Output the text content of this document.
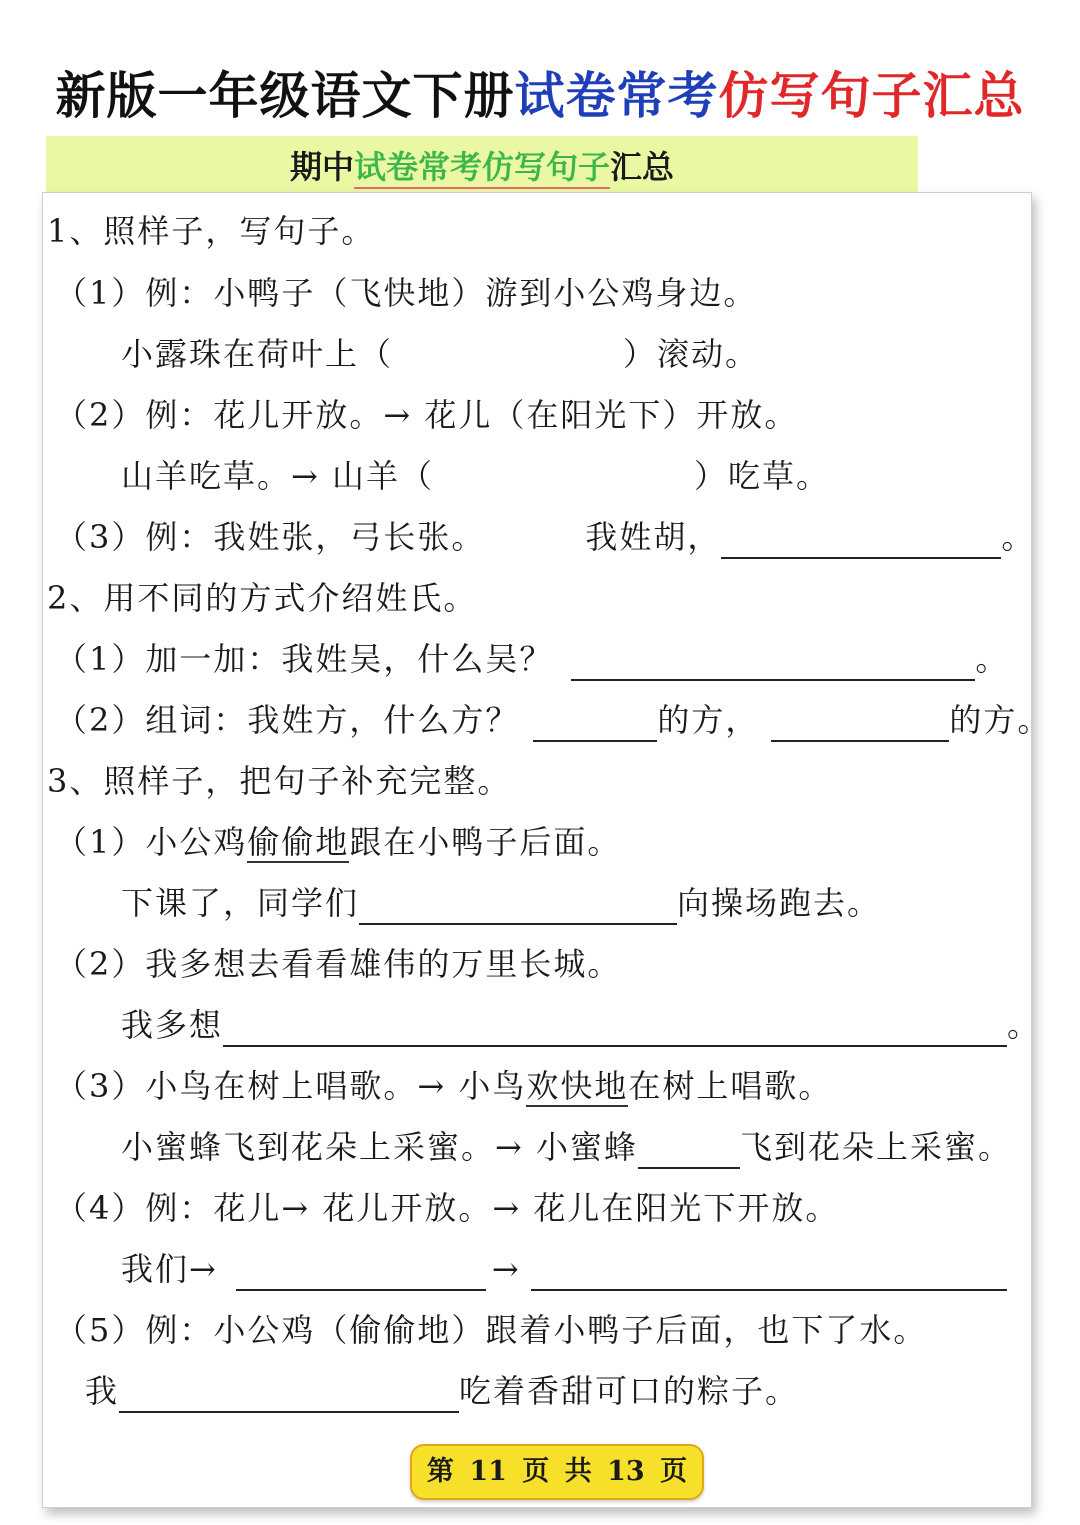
新版一年级语文下册试卷常考仿写句子汇总
期中试卷常考仿写句子汇总
1、照样子，写句子。
（1）例：小鸭子（飞快地）游到小公鸡身边。
小露珠在荷叶上（	）滚动。
（2）例：花儿开放。→ 花儿（在阳光下）开放。
山羊吃草。→ 山羊（	）吃草。
（3）例：我姓张，弓长张。	我姓胡，	。
2、用不同的方式介绍姓氏。
（1）加一加：我姓吴，什么吴？	。
（2）组词：我姓方，什么方？	的方，	的方。
3、照样子，把句子补充完整。
（1）小公鸡偷偷地跟在小鸭子后面。
下课了，同学们	向操场跑去。
（2）我多想去看看雄伟的万里长城。
我多想	。
（3）小鸟在树上唱歌。→ 小鸟欢快地在树上唱歌。
小蜜蜂飞到花朵上采蜜。→ 小蜜蜂	飞到花朵上采蜜。
（4）例：花儿→ 花儿开放。→ 花儿在阳光下开放。
我们→	→
（5）例：小公鸡（偷偷地）跟着小鸭子后面，也下了水。
我	吃着香甜可口的粽子。
第 11 页 共 13 页
